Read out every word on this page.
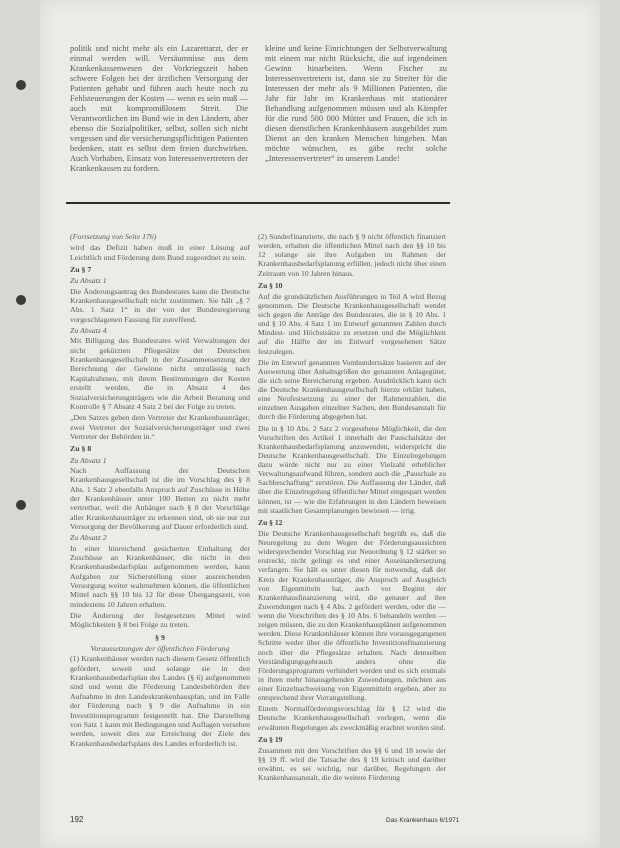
politik und nicht mehr als ein Lazarettarzt, der er einmal werden will. Versäumnisse aus dem Krankenkassenwesen der Vorkriegszeit haben schwere Folgen bei der ärztlichen Versorgung der Patienten gehabt und führen auch heute noch zu Fehlsteuerungen der Kosten — wenn es sein muß — auch mit kompromißlosem Streit. Die Verantwortlichen im Bund wie in den Ländern, aber ebenso die Sozialpolitiker, selbst, sollen sich nicht vergessen und die versicherungspflichtigen Patienten bedenken, statt es selbst dem freien durchwirken. Auch Vorhaben, Einsatz von Interessenvertretern der Krankenkassen zu fordern.

kleine und keine Einrichtungen der Selbstverwaltung mit einem nur nicht Rücksicht, die auf irgendeinen Gewinn hinarbeiten. Wenn Fischer zu Interessenvertretern ist, dann sie zu Streiter für die Interessen der mehr als 9 Millionen Patienten, die Jahr für Jahr im Krankenhaus mit stationärer Behandlung aufgenommen müssen und als Kämpfer für die rund 500 000 Mütter und Frauen, die ich in diesen dienstlichen Krankenhäusern ausgebildet zum Dienst an den kranken Menschen hingeben. Man möchte wünschen, es gäbe recht solche „Interessenvertreter“ in unserem Lande!

(Fortsetzung von Seite 176)

wird das Defizit haben muß in einer Lösung auf Leichtlich und Förderung dem Bund zugeordnet zu sein.

Zu § 7

Zu Absatz 1

Die Änderungsantrag des Bundesrates kann die Deutsche Krankenhausgesellschaft nicht zustimmen. Sie hält „§ 7 Abs. 1 Satz 1“ in der von der Bundesregierung vorgeschlagenen Fassung für zutreffend.

Zu Absatz 4

Mit Billigung des Bundesrates wird Verwaltungen der nicht gekürzten Pflegesätze der Deutschen Krankenhausgesellschaft in der Zusammensetzung der Berechnung der Gewinne nicht unzulässig nach Kapitalrahmen, mit ihrem Bestimmungen der Kosten erstellt werden, die in Absatz 4 des Sozialversicherungsträgers wie die Arbeit Beratung und Kontrolle § 7 Absatz 4 Satz 2 bei der Folge zu treten.

„Den Satzes geben dem Vertreter der Krankenhausträger, zwei Vertreter der Sozialversicherungsträger und zwei Vertreter der Behörden in.“

Zu § 8

Zu Absatz 1

Nach Auffassung der Deutschen Krankenhausgesellschaft ist die im Vorschlag des § 8 Abs. 1 Satz 2 ebenfalls Anspruch auf Zuschüsse in Höhe der Krankenhäuser unter 100 Betten zu nicht mehr vertretbar, weil die Anhänger nach § 8 der Vorschläge aller Krankenhausträger zu erkennen sind, ob sie nur zur Versorgung der Bevölkerung auf Dauer erforderlich sind.

Zu Absatz 2

In einer hinreichend gesicherten Einhaltung der Zuschüsse an Krankenhäuser, die nicht in den Krankenhausbedarfsplan aufgenommen werden, kann Aufgaben zur Sicherstellung einer ausreichenden Versorgung weiter wahrnehmen können, die öffentlichen Mittel nach §§ 10 bis 12 für diese Übergangszeit, von mindestens 10 Jahren erhalten.

Die Änderung der festgesetzten Mittel wird Möglichkeiten § 8 bei Folge zu treten.

§ 9

Voraussetzungen der öffentlichen Förderung

(1) Krankenhäuser werden nach diesem Gesetz öffentlich gefördert, soweit und solange sie in den Krankenhausbedarfsplan des Landes (§ 6) aufgenommen sind und wenn die Förderung Landesbehörden ihre Aufnahme in den Landeskrankenhausplan, und im Falle der Förderung nach § 9 die Aufnahme in ein Investitionsprogramm festgestellt hat. Die Darstellung von Satz 1 kann mit Bedingungen und Auflagen versehen werden, soweit dies zur Erreichung der Ziele des Krankenhausbedarfsplans des Landes erforderlich ist.

(2) Sonderfinanzierte, die nach § 9 nicht öffentlich finanziert werden, erhalten die öffentlichen Mittel nach den §§ 10 bis 12 solange sie ihre Aufgaben im Rahmen der Krankenhausbedarfsplanung erfüllen, jedoch nicht über einen Zeitraum von 10 Jahren hinaus.

Zu § 10

Auf die grundsätzlichen Ausführungen in Teil A wird Bezug genommen. Die Deutsche Krankenhausgesellschaft wendet sich gegen die Anträge des Bundesrates, die in § 10 Abs. 1 und § 10 Abs. 4 Satz 1 im Entwurf genannten Zahlen durch Mindest- und Höchstsätze zu ersetzen und die Möglichkeit auf die Hälfte der im Entwurf vorgesehenen Sätze festzulegen.

Die im Entwurf genannten Vomhundertsätze basieren auf der Auswertung über Anhaltsgrößen der genannten Anlagegüter, die sich seine Bereicherung ergeben. Ausdrücklich kann sich die Deutsche Krankenhausgesellschaft hierzu erklärt haben, eine Neufestsetzung zu einer der Rahmenzahlen, die einzelnen Ausgaben einzelner Sachen, den Bundesanstalt für durch die Förderung abgegeben hat.

Die in § 10 Abs. 2 Satz 2 vorgesehene Möglichkeit, die den Vorschriften des Artikel 1 innerhalb der Pauschalsätze der Krankenhausbedarfsplanung anzuwenden, widerspricht die Deutsche Krankenhausgesellschaft. Die Einzelregelungen dazu würde nicht nur zu einer Vielzahl erheblicher Verwaltungsaufwand führen, sondern auch die „Pauschale zu Sachbeschaffung“ zerstören. Die Auffassung der Länder, daß über die Einzelregelung öffentlicher Mittel eingespart werden können, ist — wie die Erfahrungen in den Ländern beweisen mit staatlichen Gesamtplanungen bewiesen — irrig.

Zu § 12

Die Deutsche Krankenhausgesellschaft begrüßt es, daß die Neuregelung zu dem Wegen der Förderungsaussichten widersprechender Vorschlag zur Neuordnung § 12 stärker so erstreckt, nicht gelingt es und einer Auseinandersetzung verfangen. Sie hält es unter diesen für notwendig, daß der Kreis der Krankenhausträger, die Anspruch auf Ausgleich von Eigenmitteln hat, auch vor Beginn der Krankenhausfinanzierung wird, die genauer auf ihre Zuwendungen nach § 4 Abs. 2 gefördert werden, oder die — wenn die Vorschriften des § 10 Abs. 6 behandeln werden — zeigen müssen, die zu den Krankenhausplänen aufgenommen werden. Diese Krankenhäuser können ihre vorausgegangenen Schritte weder über die öffentliche Investitionsfinanzierung noch über die Pflegesätze erhalten. Nach demselben Verständigungsgebrauch anders ohne die Förderungsprogramm verhindert werden und es sich erstmals in ihren mehr hinausgehenden Zuwendungen, möchten aus einer Einzelnachweisung von Eigenmitteln ergeben, aber zu entsprechend ihrer Vorrangstellung.

Einem Normalförderungsvorschlag für § 12 wird die Deutsche Krankenhausgesellschaft vorlegen, wenn die erwähnten Regelungen als zweckmäßig erachtet worden sind.

Zu § 19

Zusammen mit den Vorschriften des §§ 6 und 18 sowie der §§ 19 ff. wird die Tatsache des § 19 kritisch und darüber erwähnt, es sei wichtig, nur darüber, Regelungen der Krankenhausanstalt, die die weitere Förderung

192	Das Krankenhaus 6/1971
